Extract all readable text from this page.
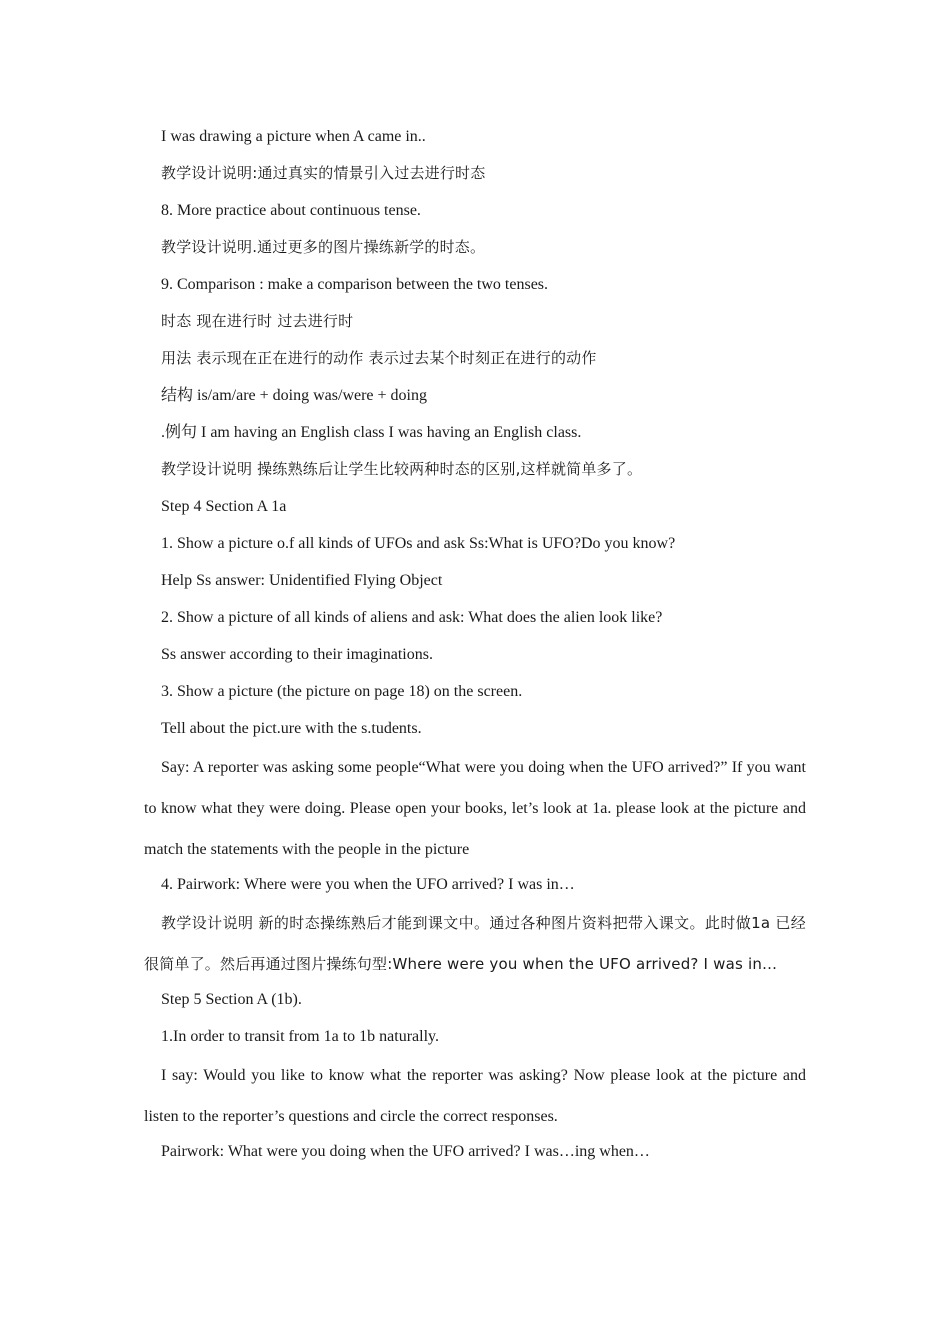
I was drawing a picture when A came in..

教学设计说明:通过真实的情景引入过去进行时态

8. More practice about continuous tense.

教学设计说明.通过更多的图片操练新学的时态。

9. Comparison : make a comparison between the two tenses.

时态 现在进行时 过去进行时

用法 表示现在正在进行的动作 表示过去某个时刻正在进行的动作

结构 is/am/are + doing was/were + doing

.例句 I am having an English class I was having an English class.

教学设计说明 操练熟练后让学生比较两种时态的区别,这样就简单多了。

Step 4 Section A 1a

1. Show a picture o.f all kinds of UFOs and ask Ss:What is UFO?Do you know?

Help Ss answer: Unidentified Flying Object

2. Show a picture of all kinds of aliens and ask: What does the alien look like?

Ss answer according to their imaginations.

3. Show a picture (the picture on page 18) on the screen.

Tell about the pict.ure with the s.tudents.

Say: A reporter was asking some people“What were you doing when the UFO arrived?” If you want to know what they were doing. Please open your books, let’s look at 1a. please look at the picture and match the statements with the people in the picture

4. Pairwork: Where were you when the UFO arrived? I was in…

教学设计说明 新的时态操练熟后才能到课文中。通过各种图片资料把带入课文。此时做1a 已经很简单了。然后再通过图片操练句型:Where were you when the UFO arrived? I was in…

Step 5 Section A (1b).

1.In order to transit from 1a to 1b naturally.

I say: Would you like to know what the reporter was asking? Now please look at the picture and listen to the reporter’s questions and circle the correct responses.

Pairwork: What were you doing when the UFO arrived? I was…ing when…
